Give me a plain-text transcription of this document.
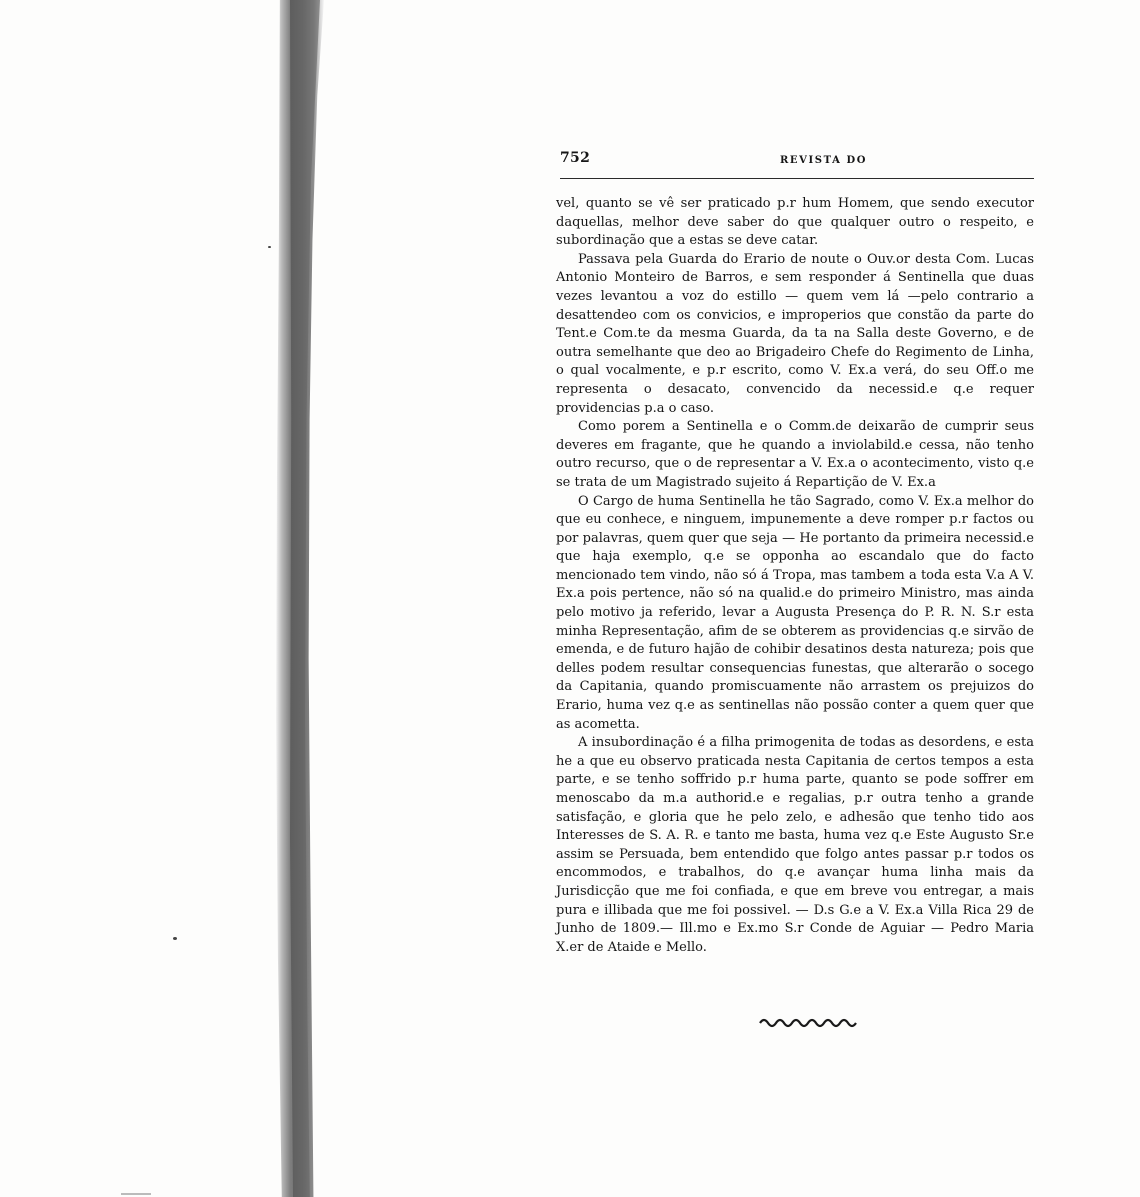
752	REVISTA DO

vel, quanto se vê ser praticado p.r hum Homem, que sendo executor daquellas, melhor deve saber do que qualquer outro o respeito, e subordinação que a estas se deve catar.

Passava pela Guarda do Erario de noute o Ouv.or desta Com. Lucas Antonio Monteiro de Barros, e sem responder á Sentinella que duas vezes levantou a voz do estillo — quem vem lá —pelo contrario a desattendeo com os convicios, e improperios que constão da parte do Tent.e Com.te da mesma Guarda, da ta na Salla deste Governo, e de outra semelhante que deo ao Brigadeiro Chefe do Regimento de Linha, o qual vocalmente, e p.r escrito, como V. Ex.a verá, do seu Off.o me representa o desacato, convencido da necessid.e q.e requer providencias p.a o caso.

Como porem a Sentinella e o Comm.de deixarão de cumprir seus deveres em fragante, que he quando a inviolabild.e cessa, não tenho outro recurso, que o de representar a V. Ex.a o acontecimento, visto q.e se trata de um Magistrado sujeito á Repartição de V. Ex.a

O Cargo de huma Sentinella he tão Sagrado, como V. Ex.a melhor do que eu conhece, e ninguem, impunemente a deve romper p.r factos ou por palavras, quem quer que seja — He portanto da primeira necessid.e que haja exemplo, q.e se opponha ao escandalo que do facto mencionado tem vindo, não só á Tropa, mas tambem a toda esta V.a A V. Ex.a pois pertence, não só na qualid.e do primeiro Ministro, mas ainda pelo motivo ja referido, levar a Augusta Presença do P. R. N. S.r esta minha Representação, afim de se obterem as providencias q.e sirvão de emenda, e de futuro hajão de cohibir desatinos desta natureza; pois que delles podem resultar consequencias funestas, que alterarão o socego da Capitania, quando promiscuamente não arrastem os prejuizos do Erario, huma vez q.e as sentinellas não possão conter a quem quer que as acometta.

A insubordinação é a filha primogenita de todas as desordens, e esta he a que eu observo praticada nesta Capitania de certos tempos a esta parte, e se tenho soffrido p.r huma parte, quanto se pode soffrer em menoscabo da m.a authorid.e e regalias, p.r outra tenho a grande satisfação, e gloria que he pelo zelo, e adhesão que tenho tido aos Interesses de S. A. R. e tanto me basta, huma vez q.e Este Augusto Sr.e assim se Persuada, bem entendido que folgo antes passar p.r todos os encommodos, e trabalhos, do q.e avançar huma linha mais da Jurisdicção que me foi confiada, e que em breve vou entregar, a mais pura e illibada que me foi possivel. — D.s G.e a V. Ex.a Villa Rica 29 de Junho de 1809.— Ill.mo e Ex.mo S.r Conde de Aguiar — Pedro Maria X.er de Ataide e Mello.
